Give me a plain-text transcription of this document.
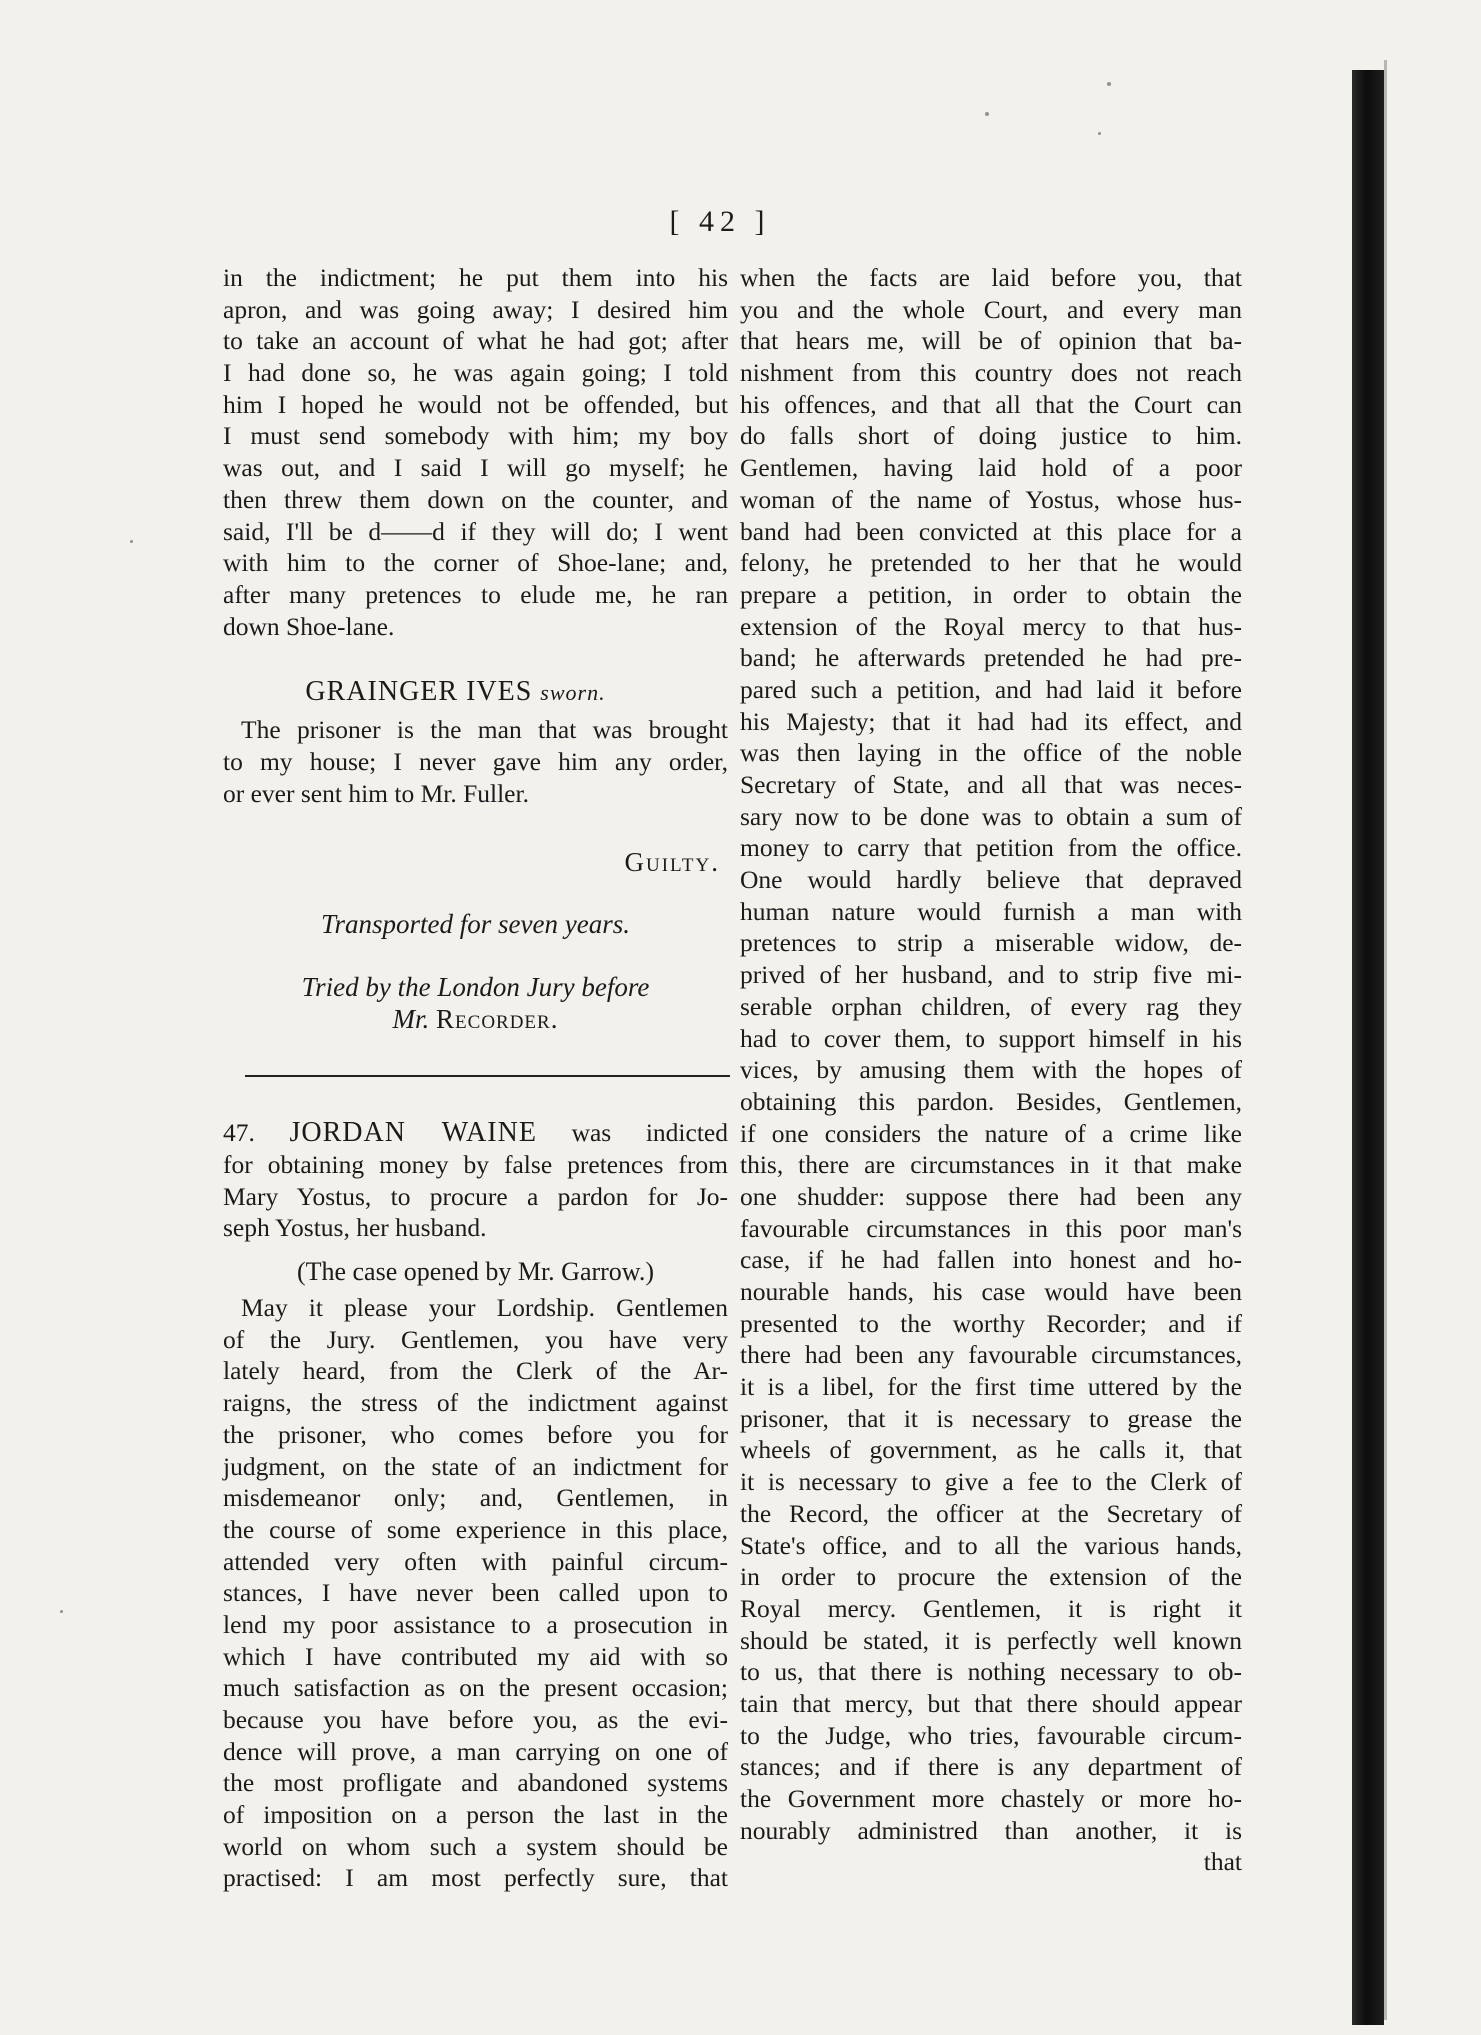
[ 42 ]
in the indictment; he put them into his
apron, and was going away; I desired him
to take an account of what he had got; after
I had done so, he was again going; I told
him I hoped he would not be offended, but
I must send somebody with him; my boy
was out, and I said I will go myself; he
then threw them down on the counter, and
said, I'll be d——d if they will do; I went
with him to the corner of Shoe-lane; and,
after many pretences to elude me, he ran
down Shoe-lane.
GRAINGER IVES sworn.
The prisoner is the man that was brought
to my house; I never gave him any order,
or ever sent him to Mr. Fuller.
Guilty.
Transported for seven years.
Tried by the London Jury before
Mr. Recorder.
47. JORDAN WAINE was indicted
for obtaining money by false pretences from
Mary Yostus, to procure a pardon for Jo-
seph Yostus, her husband.
(The case opened by Mr. Garrow.)
May it please your Lordship. Gentlemen
of the Jury. Gentlemen, you have very
lately heard, from the Clerk of the Ar-
raigns, the stress of the indictment against
the prisoner, who comes before you for
judgment, on the state of an indictment for
misdemeanor only; and, Gentlemen, in
the course of some experience in this place,
attended very often with painful circum-
stances, I have never been called upon to
lend my poor assistance to a prosecution in
which I have contributed my aid with so
much satisfaction as on the present occasion;
because you have before you, as the evi-
dence will prove, a man carrying on one of
the most profligate and abandoned systems
of imposition on a person the last in the
world on whom such a system should be
practised: I am most perfectly sure, that
when the facts are laid before you, that
you and the whole Court, and every man
that hears me, will be of opinion that ba-
nishment from this country does not reach
his offences, and that all that the Court can
do falls short of doing justice to him.
Gentlemen, having laid hold of a poor
woman of the name of Yostus, whose hus-
band had been convicted at this place for a
felony, he pretended to her that he would
prepare a petition, in order to obtain the
extension of the Royal mercy to that hus-
band; he afterwards pretended he had pre-
pared such a petition, and had laid it before
his Majesty; that it had had its effect, and
was then laying in the office of the noble
Secretary of State, and all that was neces-
sary now to be done was to obtain a sum of
money to carry that petition from the office.
One would hardly believe that depraved
human nature would furnish a man with
pretences to strip a miserable widow, de-
prived of her husband, and to strip five mi-
serable orphan children, of every rag they
had to cover them, to support himself in his
vices, by amusing them with the hopes of
obtaining this pardon. Besides, Gentlemen,
if one considers the nature of a crime like
this, there are circumstances in it that make
one shudder: suppose there had been any
favourable circumstances in this poor man's
case, if he had fallen into honest and ho-
nourable hands, his case would have been
presented to the worthy Recorder; and if
there had been any favourable circumstances,
it is a libel, for the first time uttered by the
prisoner, that it is necessary to grease the
wheels of government, as he calls it, that
it is necessary to give a fee to the Clerk of
the Record, the officer at the Secretary of
State's office, and to all the various hands,
in order to procure the extension of the
Royal mercy. Gentlemen, it is right it
should be stated, it is perfectly well known
to us, that there is nothing necessary to ob-
tain that mercy, but that there should appear
to the Judge, who tries, favourable circum-
stances; and if there is any department of
the Government more chastely or more ho-
nourably administred than another, it is
that
